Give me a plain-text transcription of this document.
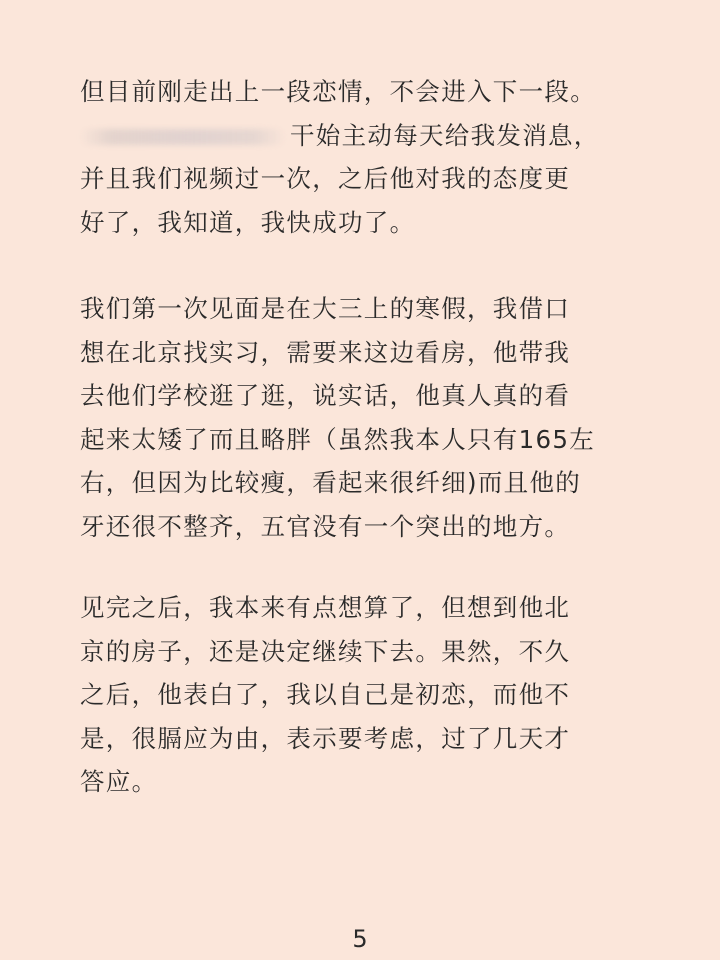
但目前刚走出上一段恋情，不会进入下一段。
干始主动每天给我发消息，
并且我们视频过一次，之后他对我的态度更
好了，我知道，我快成功了。
我们第一次见面是在大三上的寒假，我借口
想在北京找实习，需要来这边看房，他带我
去他们学校逛了逛，说实话，他真人真的看
起来太矮了而且略胖（虽然我本人只有165左
右，但因为比较瘦，看起来很纤细)而且他的
牙还很不整齐，五官没有一个突出的地方。
见完之后，我本来有点想算了，但想到他北
京的房子，还是决定继续下去。果然，不久
之后，他表白了，我以自己是初恋，而他不
是，很膈应为由，表示要考虑，过了几天才
答应。
5
